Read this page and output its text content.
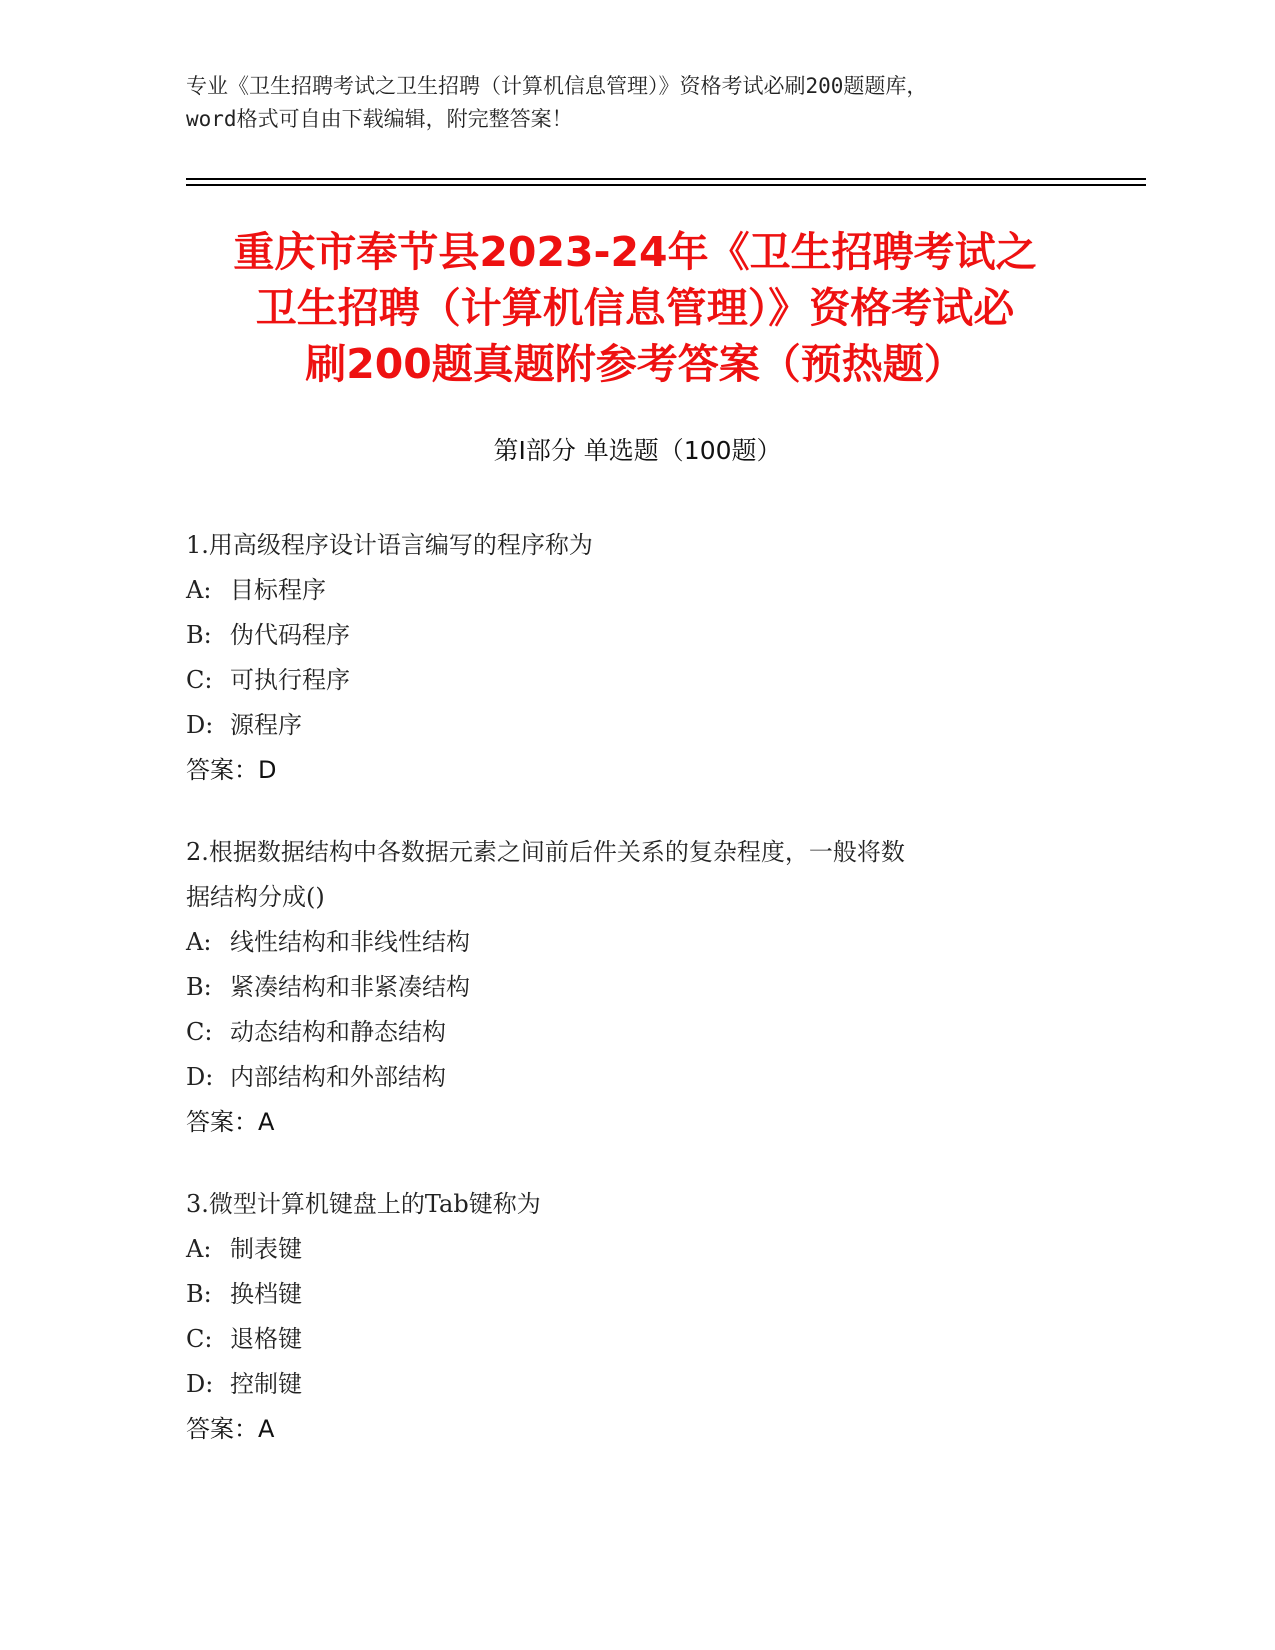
专业《卫生招聘考试之卫生招聘（计算机信息管理）》资格考试必刷200题题库，
word格式可自由下载编辑，附完整答案！
重庆市奉节县2023-24年《卫生招聘考试之
卫生招聘（计算机信息管理）》资格考试必
刷200题真题附参考答案（预热题）
第Ⅰ部分 单选题（100题）
1.用高级程序设计语言编写的程序称为
A: 目标程序
B: 伪代码程序
C: 可执行程序
D: 源程序
答案：D
2.根据数据结构中各数据元素之间前后件关系的复杂程度，一般将数
据结构分成()
A: 线性结构和非线性结构
B: 紧凑结构和非紧凑结构
C: 动态结构和静态结构
D: 内部结构和外部结构
答案：A
3.微型计算机键盘上的Tab键称为
A: 制表键
B: 换档键
C: 退格键
D: 控制键
答案：A
